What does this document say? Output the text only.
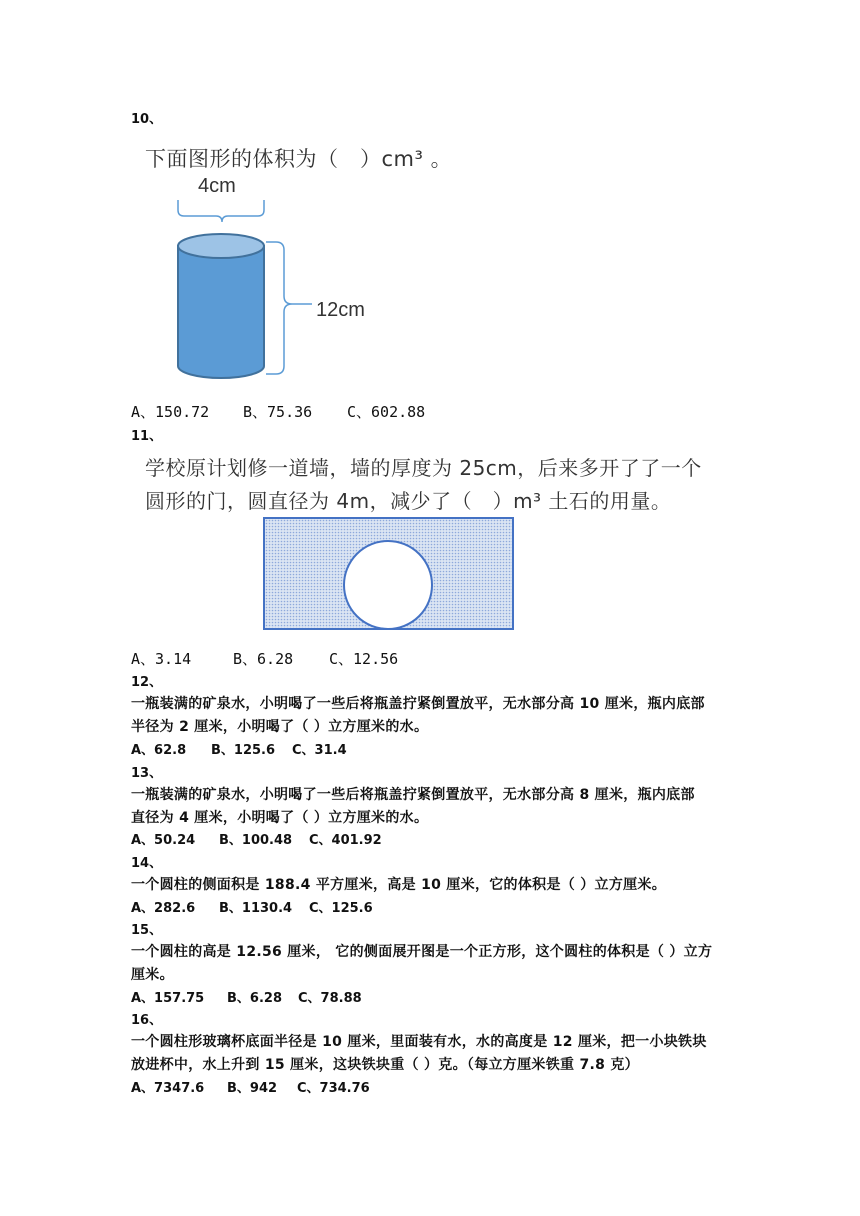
10、
下面图形的体积为（　）cm³ 。
4cm
12cm
A、150.72 B、75.36 C、602.88
11、
学校原计划修一道墙，墙的厚度为 25cm，后来多开了了一个
圆形的门，圆直径为 4m，减少了（　）m³ 土石的用量。
A、3.14	B、6.28 C、12.56
12、
一瓶装满的矿泉水，小明喝了一些后将瓶盖拧紧倒置放平，无水部分高 10 厘米，瓶内底部
半径为 2 厘米，小明喝了（ ）立方厘米的水。
A、62.8 B、125.6 C、31.4
13、
一瓶装满的矿泉水，小明喝了一些后将瓶盖拧紧倒置放平，无水部分高 8 厘米，瓶内底部
直径为 4 厘米，小明喝了（ ）立方厘米的水。
A、50.24 B、100.48 C、401.92
14、
一个圆柱的侧面积是 188.4 平方厘米，高是 10 厘米，它的体积是（ ）立方厘米。
A、282.6 B、1130.4 C、125.6
15、
一个圆柱的高是 12.56 厘米， 它的侧面展开图是一个正方形，这个圆柱的体积是（ ）立方
厘米。
A、157.75 B、6.28 C、78.88
16、
一个圆柱形玻璃杯底面半径是 10 厘米，里面装有水，水的高度是 12 厘米，把一小块铁块
放进杯中，水上升到 15 厘米，这块铁块重（ ）克。（每立方厘米铁重 7.8 克）
A、7347.6 B、942 C、734.76
